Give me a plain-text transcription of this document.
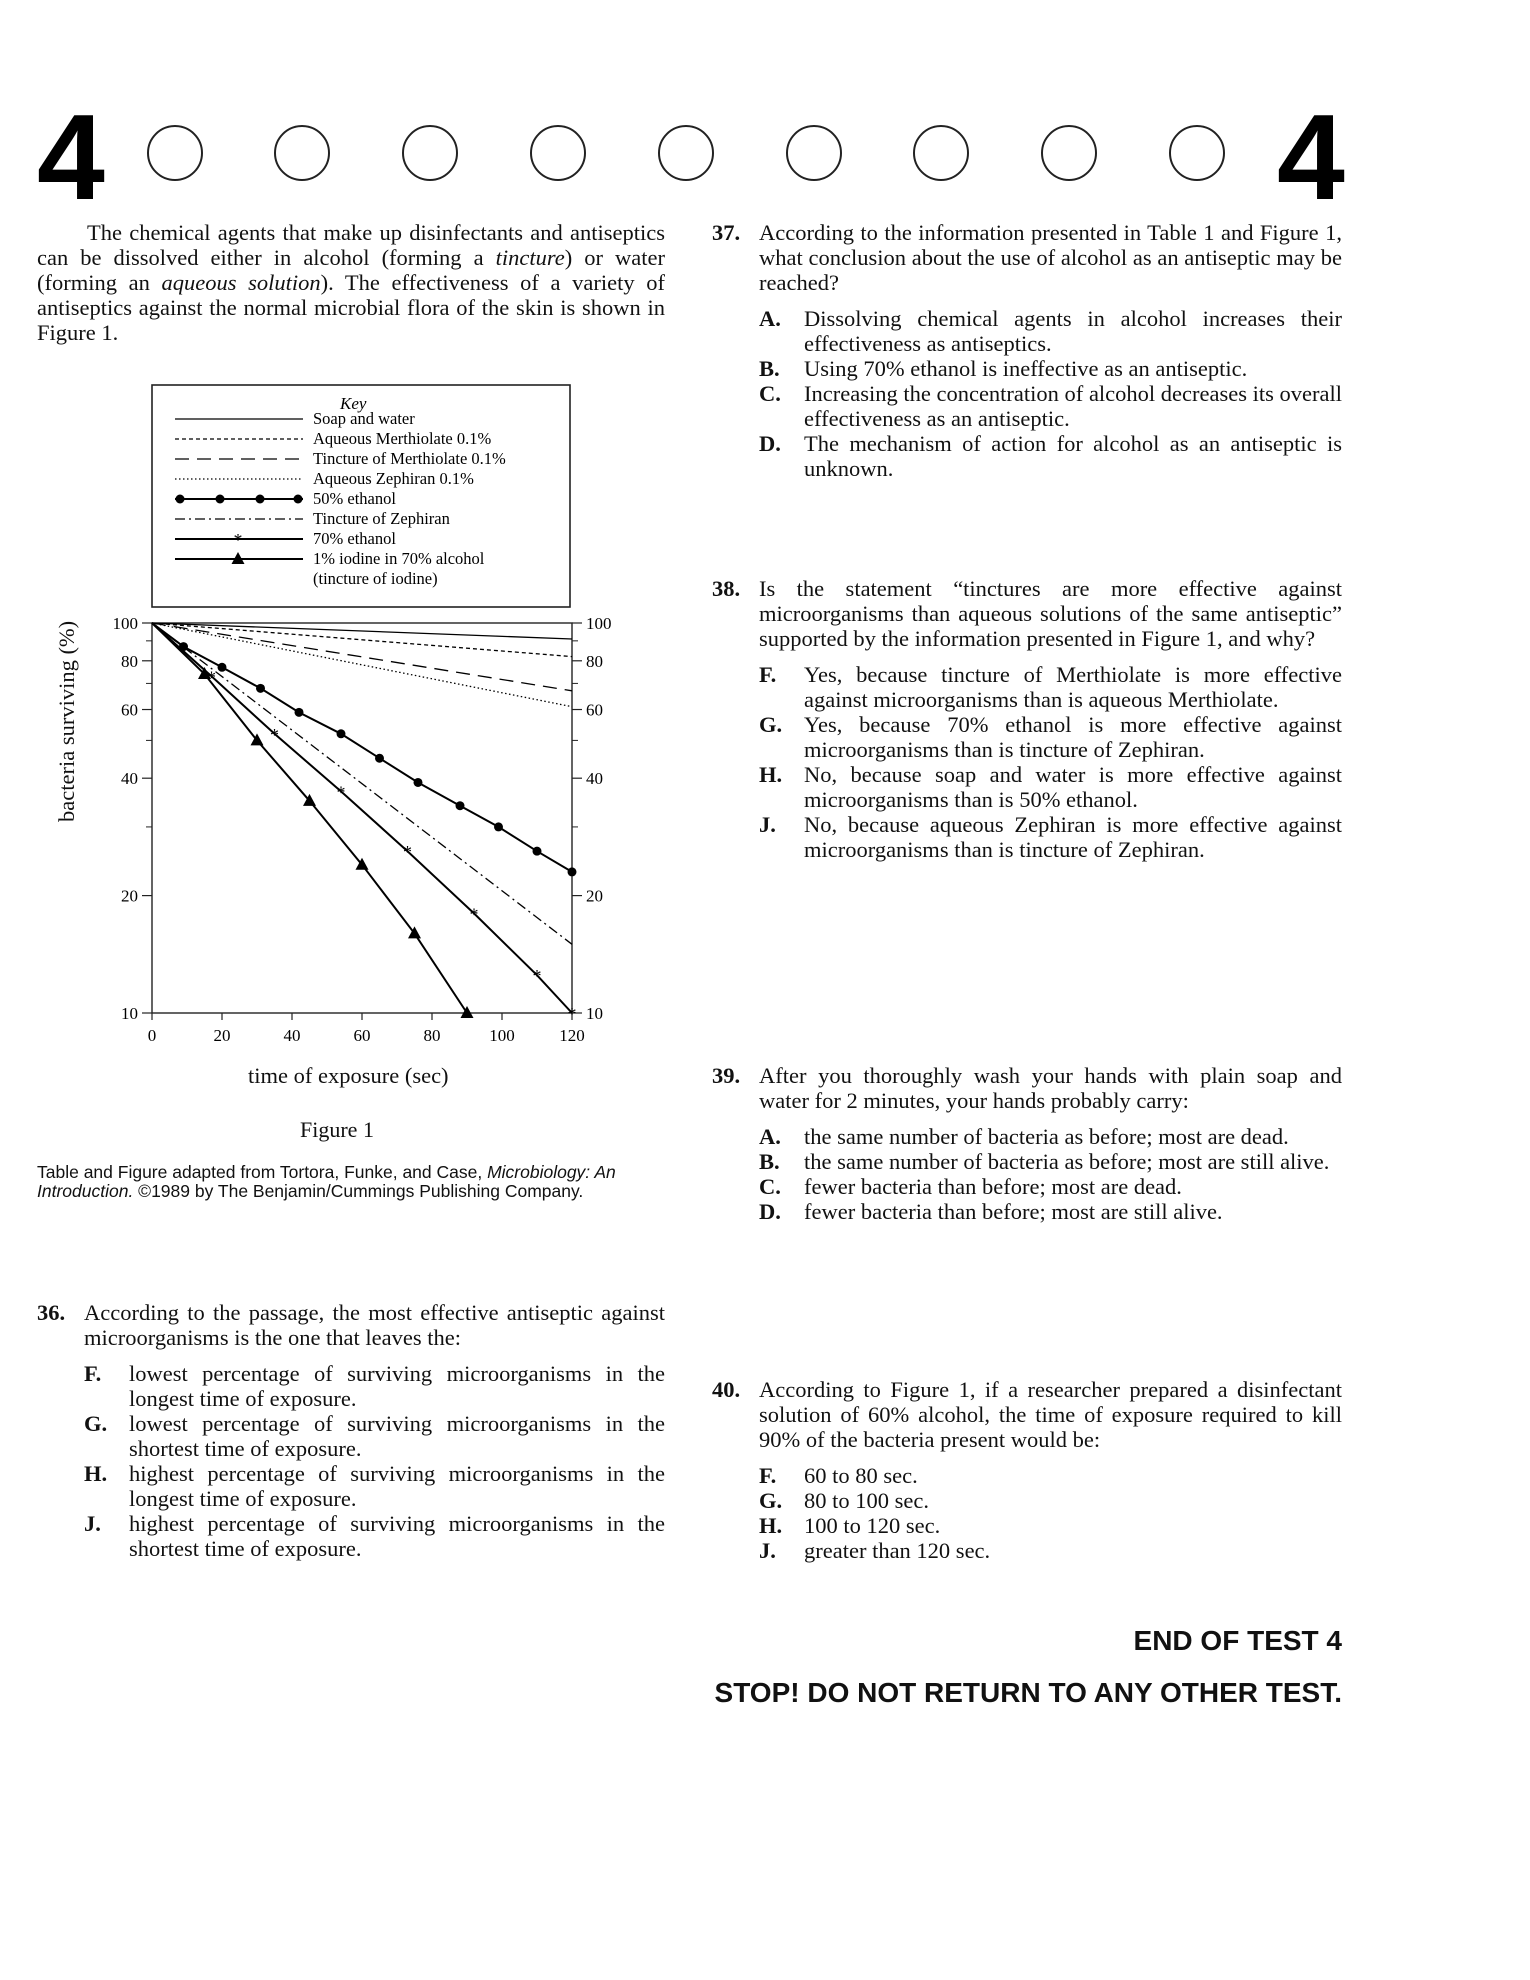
4	4
The chemical agents that make up disinfectants and antiseptics can be dissolved either in alcohol (forming a tincture) or water (forming an aqueous solution). The effectiveness of a variety of antiseptics against the normal microbial flora of the skin is shown in Figure 1.
Key
Soap and water
Aqueous Merthiolate 0.1%
Tincture of Merthiolate 0.1%
Aqueous Zephiran 0.1%
50% ethanol
Tincture of Zephiran
*	70% ethanol
1% iodine in 70% alcohol
(tincture of iodine)
0	20	40	60	80	100	120
100
80
60
40
20
10
100
80
60
40
20
10
*
*
*
*
*
*
*
time of exposure (sec)
bacteria surviving (%)
Figure 1
Table and Figure adapted from Tortora, Funke, and Case, Microbiology: An Introduction. ©1989 by The Benjamin/Cummings Publishing Company.
36. According to the passage, the most effective antiseptic against microorganisms is the one that leaves the:
F. lowest percentage of surviving microorganisms in the longest time of exposure.
G. lowest percentage of surviving microorganisms in the shortest time of exposure.
H. highest percentage of surviving microorganisms in the longest time of exposure.
J. highest percentage of surviving microorganisms in the shortest time of exposure.
37. According to the information presented in Table 1 and Figure 1, what conclusion about the use of alcohol as an antiseptic may be reached?
A. Dissolving chemical agents in alcohol increases their effectiveness as antiseptics.
B. Using 70% ethanol is ineffective as an antiseptic.
C. Increasing the concentration of alcohol decreases its overall effectiveness as an antiseptic.
D. The mechanism of action for alcohol as an antiseptic is unknown.
38. Is the statement “tinctures are more effective against microorganisms than aqueous solutions of the same antiseptic” supported by the information presented in Figure 1, and why?
F. Yes, because tincture of Merthiolate is more effective against microorganisms than is aqueous Merthiolate.
G. Yes, because 70% ethanol is more effective against microorganisms than is tincture of Zephiran.
H. No, because soap and water is more effective against microorganisms than is 50% ethanol.
J. No, because aqueous Zephiran is more effective against microorganisms than is tincture of Zephiran.
39. After you thoroughly wash your hands with plain soap and water for 2 minutes, your hands probably carry:
A. the same number of bacteria as before; most are dead.
B. the same number of bacteria as before; most are still alive.
C. fewer bacteria than before; most are dead.
D. fewer bacteria than before; most are still alive.
40. According to Figure 1, if a researcher prepared a disinfectant solution of 60% alcohol, the time of exposure required to kill 90% of the bacteria present would be:
F. 60 to 80 sec.
G. 80 to 100 sec.
H. 100 to 120 sec.
J. greater than 120 sec.
END OF TEST 4
STOP! DO NOT RETURN TO ANY OTHER TEST.
